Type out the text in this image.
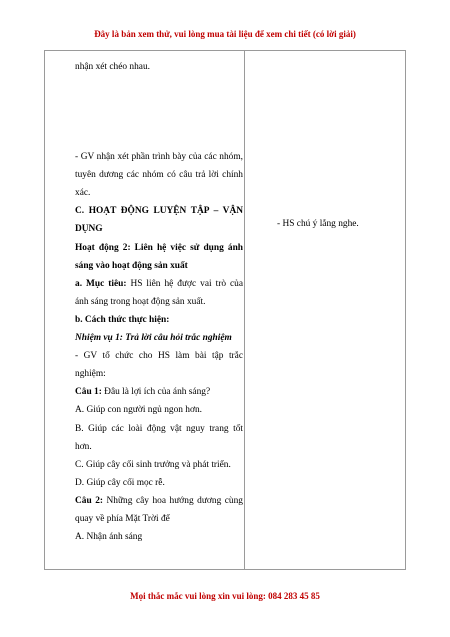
Đây là bản xem thử, vui lòng mua tài liệu để xem chi tiết (có lời giải)

nhận xét chéo nhau.

- GV nhận xét phần trình bày của các nhóm, tuyên dương các nhóm có câu trả lời chính xác.

C. HOẠT ĐỘNG LUYỆN TẬP – VẬN DỤNG

Hoạt động 2: Liên hệ việc sử dụng ánh sáng vào hoạt động sản xuất

a. Mục tiêu: HS liên hệ được vai trò của ánh sáng trong hoạt động sản xuất.

b. Cách thức thực hiện:

Nhiệm vụ 1: Trả lời câu hỏi trắc nghiệm

- GV tổ chức cho HS làm bài tập trắc nghiệm:

Câu 1: Đâu là lợi ích của ánh sáng?

A. Giúp con người ngủ ngon hơn.

B. Giúp các loài động vật nguy trang tốt hơn.

C. Giúp cây cối sinh trưởng và phát triển.

D. Giúp cây cối mọc rễ.

Câu 2: Những cây hoa hướng dương cùng quay về phía Mặt Trời để

A. Nhận ánh sáng

- HS chú ý lắng nghe.

Mọi thắc mắc vui lòng xin vui lòng: 084 283 45 85
